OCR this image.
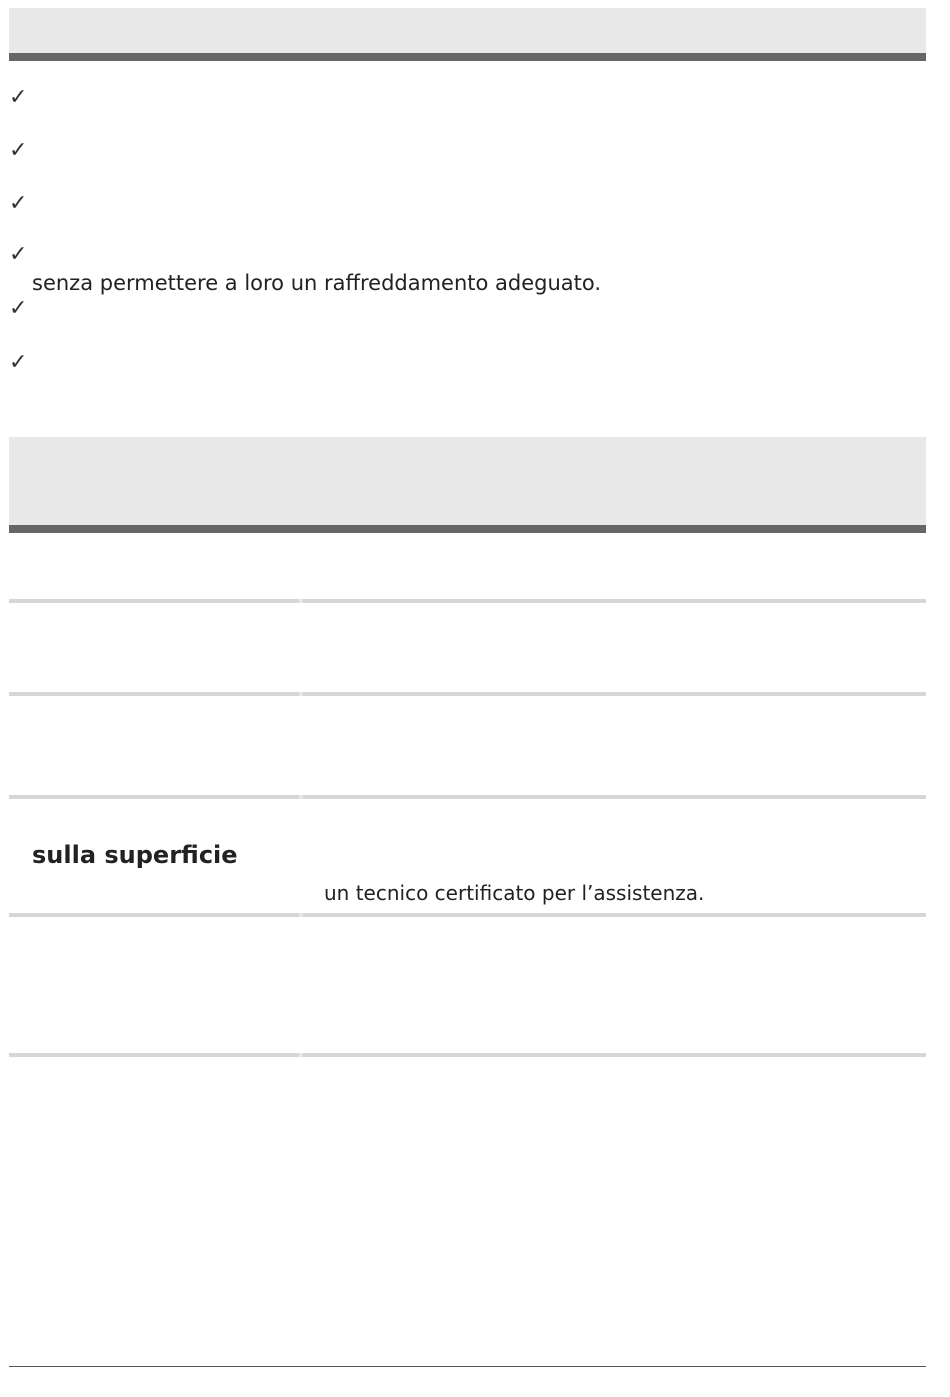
✓
✓
✓
✓
senza permettere a loro un raffreddamento adeguato.
✓
✓
sulla superficie
un tecnico certificato per l’assistenza.
